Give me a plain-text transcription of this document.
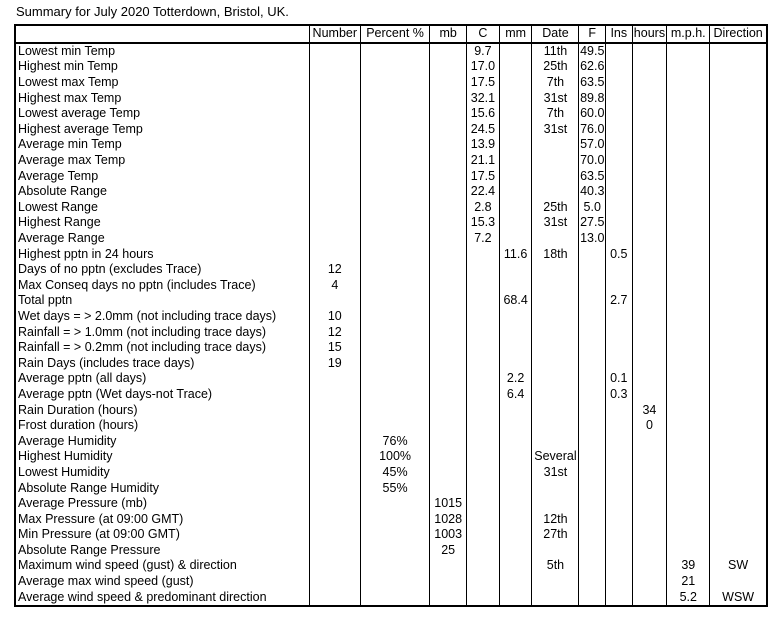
Summary for July 2020 Totterdown, Bristol, UK.
	Number	Percent %	mb	C	mm	Date	F	Ins	hours	m.p.h.	Direction
Lowest min Temp				9.7		11th	49.5				
Highest min Temp				17.0		25th	62.6				
Lowest max Temp				17.5		7th	63.5				
Highest max Temp				32.1		31st	89.8				
Lowest average Temp				15.6		7th	60.0				
Highest average Temp				24.5		31st	76.0				
Average min Temp				13.9			57.0				
Average max Temp				21.1			70.0				
Average Temp				17.5			63.5				
Absolute Range				22.4			40.3				
Lowest Range				2.8		25th	5.0				
Highest Range				15.3		31st	27.5				
Average Range				7.2			13.0				
Highest pptn in 24 hours					11.6	18th		0.5			
Days of no pptn (excludes Trace)	12										
Max Conseq days no pptn (includes Trace)	4										
Total pptn					68.4			2.7			
Wet days = > 2.0mm (not including trace days)	10										
Rainfall = > 1.0mm (not including trace days)	12										
Rainfall = > 0.2mm (not including trace days)	15										
Rain Days (includes trace days)	19										
Average pptn (all days)					2.2			0.1			
Average pptn (Wet days-not Trace)					6.4			0.3			
Rain Duration (hours)									34		
Frost duration (hours)									0		
Average Humidity		76%									
Highest Humidity		100%				Several					
Lowest Humidity		45%				31st					
Absolute Range Humidity		55%									
Average Pressure (mb)			1015								
Max Pressure (at 09:00 GMT)			1028			12th					
Min Pressure (at 09:00 GMT)			1003			27th					
Absolute Range Pressure			25								
Maximum wind speed (gust) & direction						5th				39	SW
Average max wind speed (gust)										21	
Average wind speed & predominant direction										5.2	WSW
